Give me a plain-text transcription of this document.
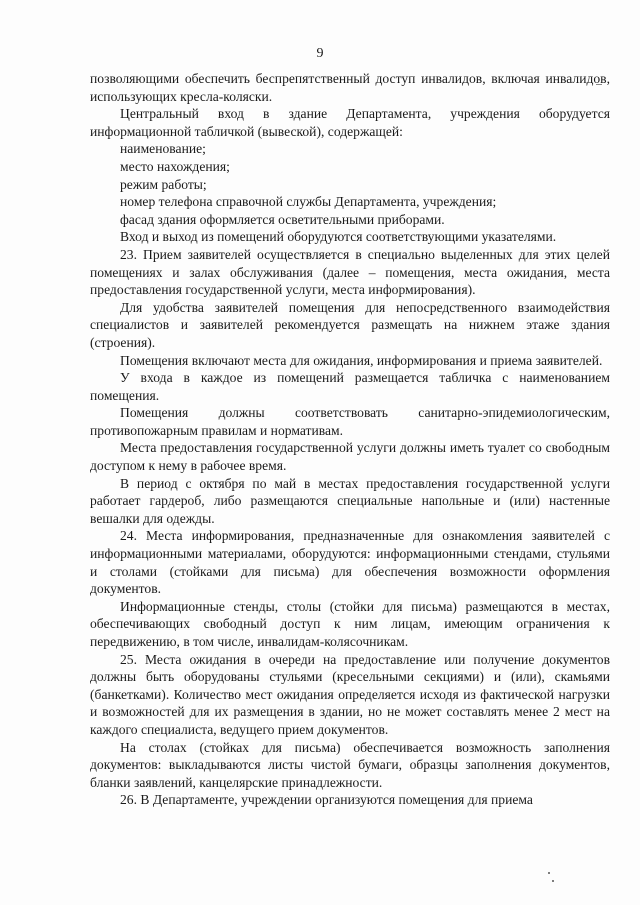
9

позволяющими обеспечить беспрепятственный доступ инвалидов, включая инвалидов, использующих кресла-коляски.

Центральный вход в здание Департамента, учреждения оборудуется информационной табличкой (вывеской), содержащей:

наименование;

место нахождения;

режим работы;

номер телефона справочной службы Департамента, учреждения;

фасад здания оформляется осветительными приборами.

Вход и выход из помещений оборудуются соответствующими указателями.

23. Прием заявителей осуществляется в специально выделенных для этих целей помещениях и залах обслуживания (далее – помещения, места ожидания, места предоставления государственной услуги, места информирования).

Для удобства заявителей помещения для непосредственного взаимодействия специалистов и заявителей рекомендуется размещать на нижнем этаже здания (строения).

Помещения включают места для ожидания, информирования и приема заявителей.

У входа в каждое из помещений размещается табличка с наименованием помещения.

Помещения должны соответствовать санитарно-эпидемиологическим, противопожарным правилам и нормативам.

Места предоставления государственной услуги должны иметь туалет со свободным доступом к нему в рабочее время.

В период с октября по май в местах предоставления государственной услуги работает гардероб, либо размещаются специальные напольные и (или) настенные вешалки для одежды.

24. Места информирования, предназначенные для ознакомления заявителей с информационными материалами, оборудуются: информационными стендами, стульями и столами (стойками для письма) для обеспечения возможности оформления документов.

Информационные стенды, столы (стойки для письма) размещаются в местах, обеспечивающих свободный доступ к ним лицам, имеющим ограничения к передвижению, в том числе, инвалидам-колясочникам.

25. Места ожидания в очереди на предоставление или получение документов должны быть оборудованы стульями (кресельными секциями) и (или), скамьями (банкетками). Количество мест ожидания определяется исходя из фактической нагрузки и возможностей для их размещения в здании, но не может составлять менее 2 мест на каждого специалиста, ведущего прием документов.

На столах (стойках для письма) обеспечивается возможность заполнения документов: выкладываются листы чистой бумаги, образцы заполнения документов, бланки заявлений, канцелярские принадлежности.

26. В Департаменте, учреждении организуются помещения для приема
